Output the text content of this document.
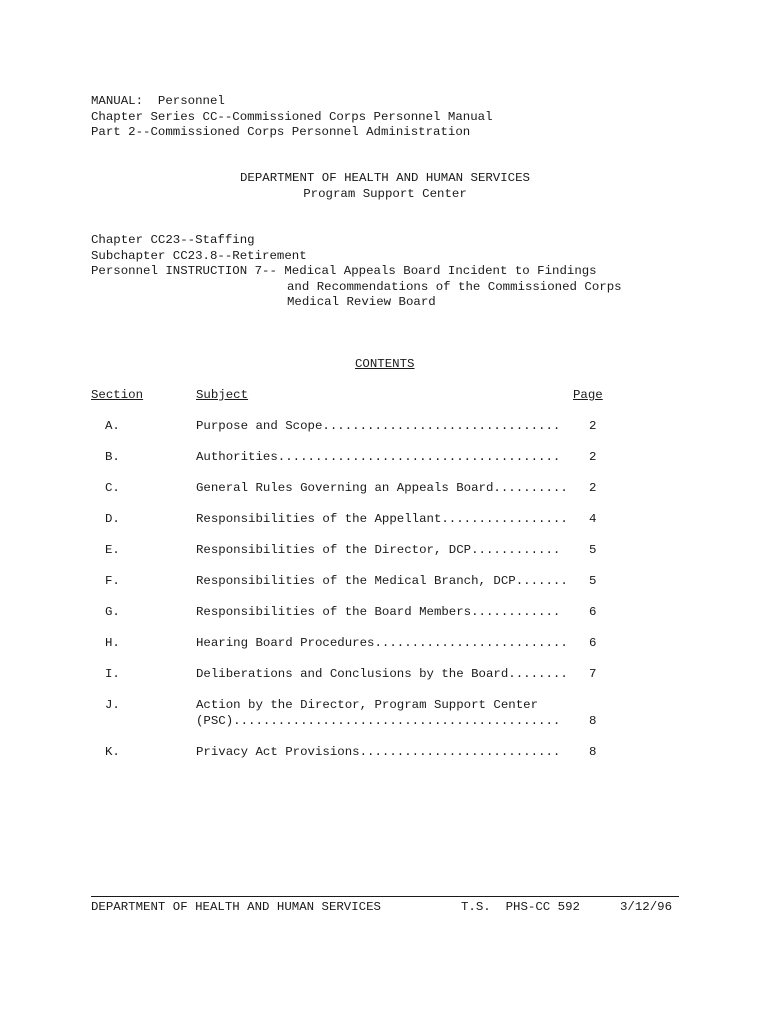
MANUAL:  Personnel
Chapter Series CC--Commissioned Corps Personnel Manual
Part 2--Commissioned Corps Personnel Administration
DEPARTMENT OF HEALTH AND HUMAN SERVICES
Program Support Center
Chapter CC23--Staffing
Subchapter CC23.8--Retirement
Personnel INSTRUCTION 7-- Medical Appeals Board Incident to Findings
and Recommendations of the Commissioned Corps
Medical Review Board
CONTENTS
Section	Subject	Page
A.	Purpose and Scope................................ 2
B.	Authorities...................................... 2
C.	General Rules Governing an Appeals Board.......... 2
D.	Responsibilities of the Appellant................. 4
E.	Responsibilities of the Director, DCP............ 5
F.	Responsibilities of the Medical Branch, DCP....... 5
G.	Responsibilities of the Board Members............ 6
H.	Hearing Board Procedures.......................... 6
I.	Deliberations and Conclusions by the Board........ 7
J.	Action by the Director, Program Support Center
(PSC)............................................ 8
K.	Privacy Act Provisions........................... 8
DEPARTMENT OF HEALTH AND HUMAN SERVICES	T.S.  PHS-CC 592	3/12/96
